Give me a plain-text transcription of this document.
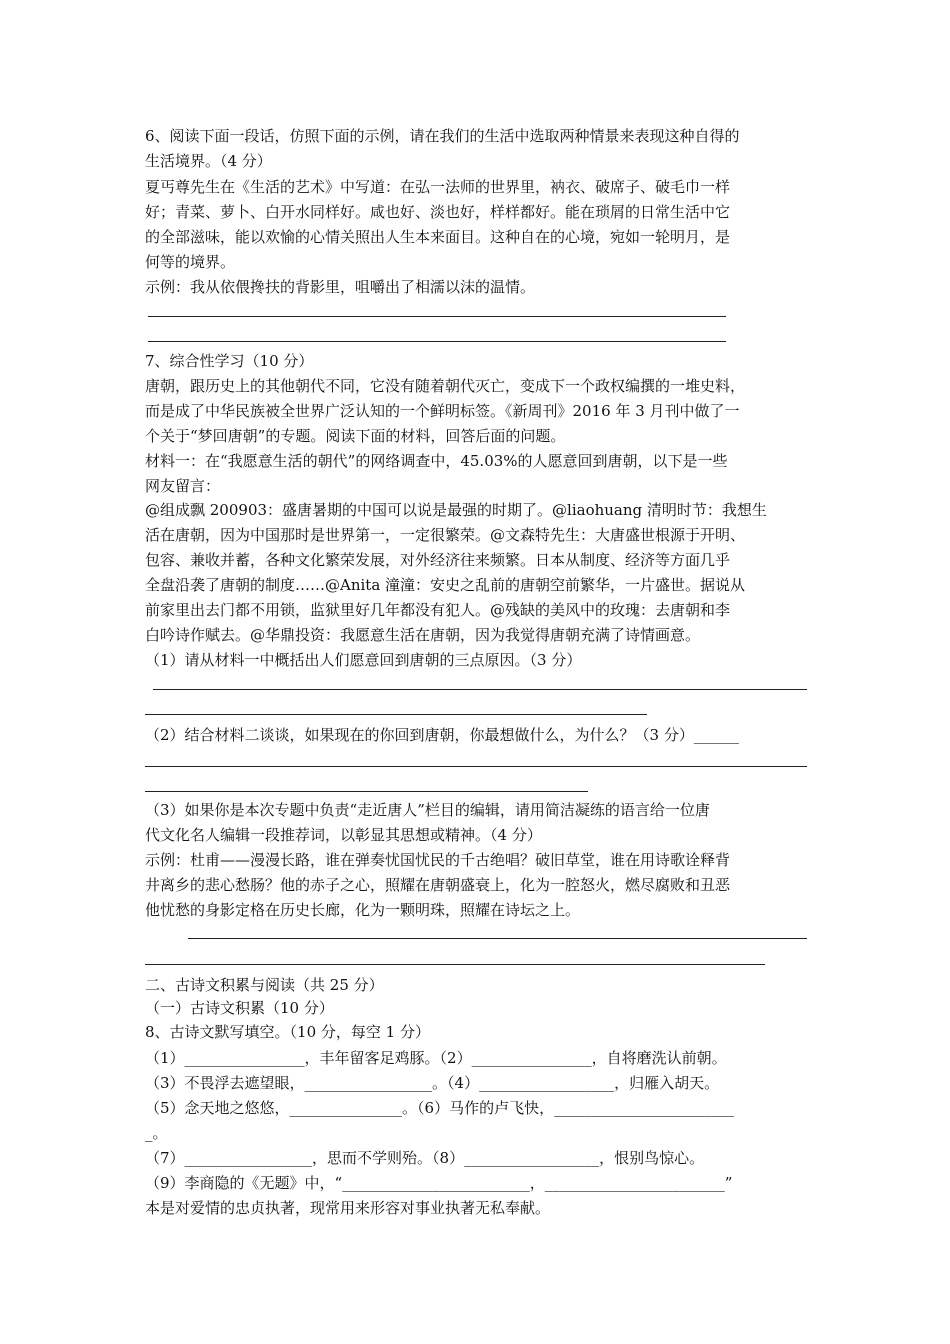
6、阅读下面一段话，仿照下面的示例，请在我们的生活中选取两种情景来表现这种自得的
生活境界。（4 分）
夏丐尊先生在《生活的艺术》中写道：在弘一法师的世界里，衲衣、破席子、破毛巾一样
好；青菜、萝卜、白开水同样好。咸也好、淡也好，样样都好。能在琐屑的日常生活中它
的全部滋味，能以欢愉的心情关照出人生本来面目。这种自在的心境，宛如一轮明月，是
何等的境界。
示例：我从依偎搀扶的背影里，咀嚼出了相濡以沫的温情。
7、综合性学习（10 分）
唐朝，跟历史上的其他朝代不同，它没有随着朝代灭亡，变成下一个政权编撰的一堆史料，
而是成了中华民族被全世界广泛认知的一个鲜明标签。《新周刊》2016 年 3 月刊中做了一
个关于“梦回唐朝”的专题。阅读下面的材料，回答后面的问题。
材料一：在“我愿意生活的朝代”的网络调查中，45.03%的人愿意回到唐朝，以下是一些
网友留言：
@组成飘 200903：盛唐暑期的中国可以说是最强的时期了。@liaohuang 清明时节：我想生
活在唐朝，因为中国那时是世界第一，一定很繁荣。@文森特先生：大唐盛世根源于开明、
包容、兼收并蓄，各种文化繁荣发展，对外经济往来频繁。日本从制度、经济等方面几乎
全盘沿袭了唐朝的制度……@Anita 潼潼：安史之乱前的唐朝空前繁华，一片盛世。据说从
前家里出去门都不用锁，监狱里好几年都没有犯人。@残缺的美风中的玫瑰：去唐朝和李
白吟诗作赋去。@华鼎投资：我愿意生活在唐朝，因为我觉得唐朝充满了诗情画意。
（1）请从材料一中概括出人们愿意回到唐朝的三点原因。（3 分）
（2）结合材料二谈谈，如果现在的你回到唐朝，你最想做什么，为什么？（3 分）______
（3）如果你是本次专题中负责“走近唐人”栏目的编辑，请用简洁凝练的语言给一位唐
代文化名人编辑一段推荐词，以彰显其思想或精神。（4 分）
示例：杜甫——漫漫长路，谁在弹奏忧国忧民的千古绝唱？破旧草堂，谁在用诗歌诠释背
井离乡的悲心愁肠？他的赤子之心，照耀在唐朝盛衰上，化为一腔怒火，燃尽腐败和丑恶
他忧愁的身影定格在历史长廊，化为一颗明珠，照耀在诗坛之上。
二、古诗文积累与阅读（共 25 分）
（一）古诗文积累（10 分）
8、古诗文默写填空。（10 分，每空 1 分）
（1）________________，丰年留客足鸡豚。（2）________________，自将磨洗认前朝。
（3）不畏浮去遮望眼，_________________。（4）__________________，归雁入胡天。
（5）念天地之悠悠，_______________。（6）马作的卢飞快，________________________
_。
（7）_________________，思而不学则殆。（8）__________________，恨别鸟惊心。
（9）李商隐的《无题》中，“_________________________，________________________”
本是对爱情的忠贞执著，现常用来形容对事业执著无私奉献。
